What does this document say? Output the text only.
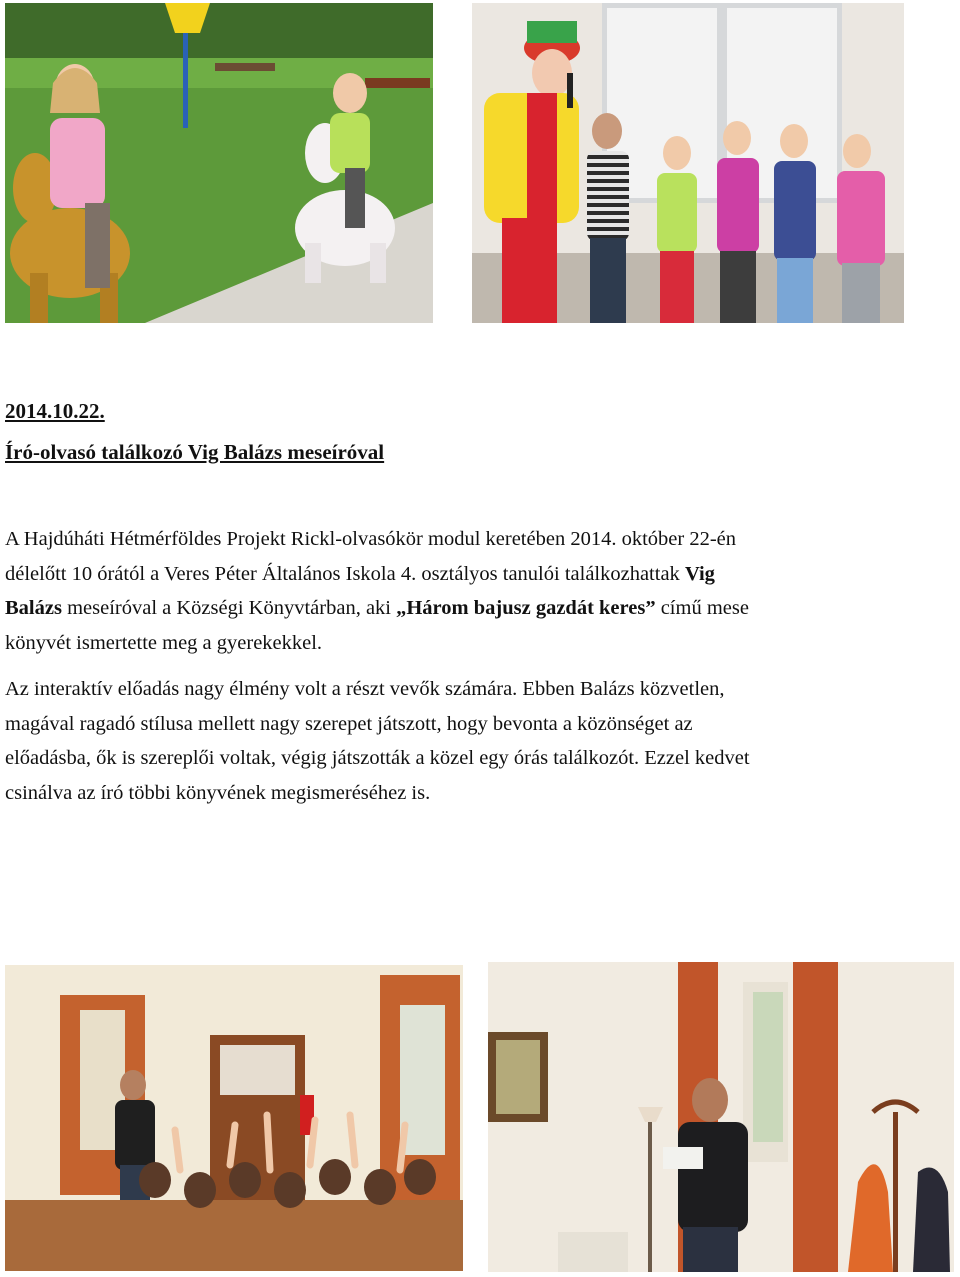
2014.10.22.
Író-olvasó találkozó Vig Balázs meseíróval

A Hajdúháti Hétmérföldes Projekt Rickl-olvasókör modul keretében 2014. október 22-én
délelőtt 10 órától a Veres Péter Általános Iskola 4. osztályos tanulói találkozhattak Vig
Balázs meseíróval a Községi Könyvtárban, aki „Három bajusz gazdát keres” című mese
könyvét ismertette meg a gyerekekkel.

Az interaktív előadás nagy élmény volt a részt vevők számára. Ebben Balázs közvetlen,
magával ragadó stílusa mellett nagy szerepet játszott, hogy bevonta a közönséget az
előadásba, ők is szereplői voltak, végig játszották a közel egy órás találkozót. Ezzel kedvet
csinálva az író többi könyvének megismeréséhez is.
